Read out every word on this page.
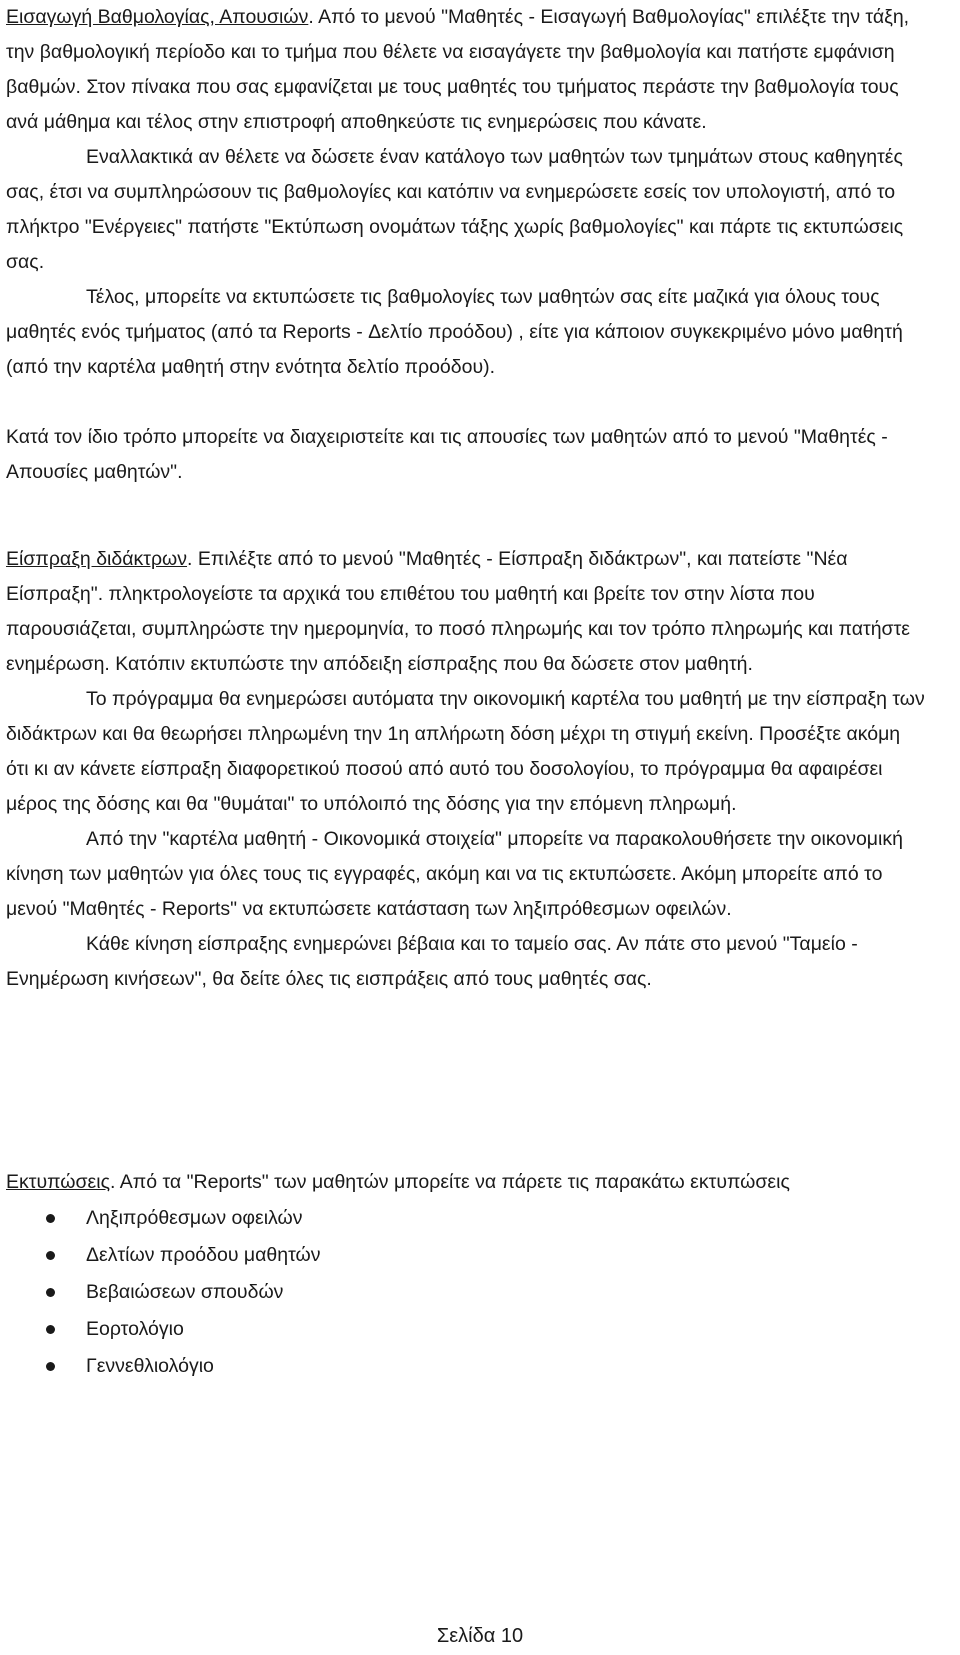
Εισαγωγή Βαθμολογίας, Απουσιών. Από το μενού "Μαθητές - Εισαγωγή Βαθμολογίας" επιλέξτε την τάξη, την βαθμολογική περίοδο και το τμήμα που θέλετε να εισαγάγετε την βαθμολογία και πατήστε εμφάνιση βαθμών. Στον πίνακα που σας εμφανίζεται με τους μαθητές του τμήματος περάστε την βαθμολογία τους ανά μάθημα και τέλος στην επιστροφή αποθηκεύστε τις ενημερώσεις που κάνατε.

Εναλλακτικά αν θέλετε να δώσετε έναν κατάλογο των μαθητών των τμημάτων στους καθηγητές σας, έτσι να συμπληρώσουν τις βαθμολογίες και κατόπιν να ενημερώσετε εσείς τον υπολογιστή, από το πλήκτρο "Ενέργειες" πατήστε "Εκτύπωση ονομάτων τάξης χωρίς βαθμολογίες" και πάρτε τις εκτυπώσεις σας.

Τέλος, μπορείτε να εκτυπώσετε τις βαθμολογίες των μαθητών σας είτε μαζικά για όλους τους μαθητές ενός τμήματος (από τα Reports - Δελτίο προόδου) , είτε για κάποιον συγκεκριμένο μόνο μαθητή (από την καρτέλα μαθητή στην ενότητα δελτίο προόδου).

Κατά τον ίδιο τρόπο μπορείτε να διαχειριστείτε και τις απουσίες των μαθητών από το μενού "Μαθητές - Απουσίες μαθητών".

Είσπραξη διδάκτρων. Επιλέξτε από το μενού "Μαθητές - Είσπραξη διδάκτρων", και πατείστε "Νέα Είσπραξη". πληκτρολογείστε τα αρχικά του επιθέτου του μαθητή και βρείτε τον στην λίστα που παρουσιάζεται, συμπληρώστε την ημερομηνία, το ποσό πληρωμής και τον τρόπο πληρωμής και πατήστε ενημέρωση. Κατόπιν εκτυπώστε την απόδειξη είσπραξης που θα δώσετε στον μαθητή.

Το πρόγραμμα θα ενημερώσει αυτόματα την οικονομική καρτέλα του μαθητή με την είσπραξη των διδάκτρων και θα θεωρήσει πληρωμένη την 1η απλήρωτη δόση μέχρι τη στιγμή εκείνη. Προσέξτε ακόμη ότι κι αν κάνετε είσπραξη διαφορετικού ποσού από αυτό του δοσολογίου, το πρόγραμμα θα αφαιρέσει μέρος της δόσης και θα "θυμάται" το υπόλοιπό της δόσης για την επόμενη πληρωμή.

Από την "καρτέλα μαθητή - Οικονομικά στοιχεία" μπορείτε να παρακολουθήσετε την οικονομική κίνηση των μαθητών για όλες τους τις εγγραφές, ακόμη και να τις εκτυπώσετε. Ακόμη μπορείτε από το μενού "Μαθητές - Reports" να εκτυπώσετε κατάσταση των ληξιπρόθεσμων οφειλών.

Κάθε κίνηση είσπραξης ενημερώνει βέβαια και το ταμείο σας. Αν πάτε στο μενού "Ταμείο - Ενημέρωση κινήσεων", θα δείτε όλες τις εισπράξεις από τους μαθητές σας.

Εκτυπώσεις. Από τα "Reports" των μαθητών μπορείτε να πάρετε τις παρακάτω εκτυπώσεις

Ληξιπρόθεσμων οφειλών
Δελτίων προόδου μαθητών
Βεβαιώσεων σπουδών
Εορτολόγιο
Γεννεθλιολόγιο
Σελίδα 10
